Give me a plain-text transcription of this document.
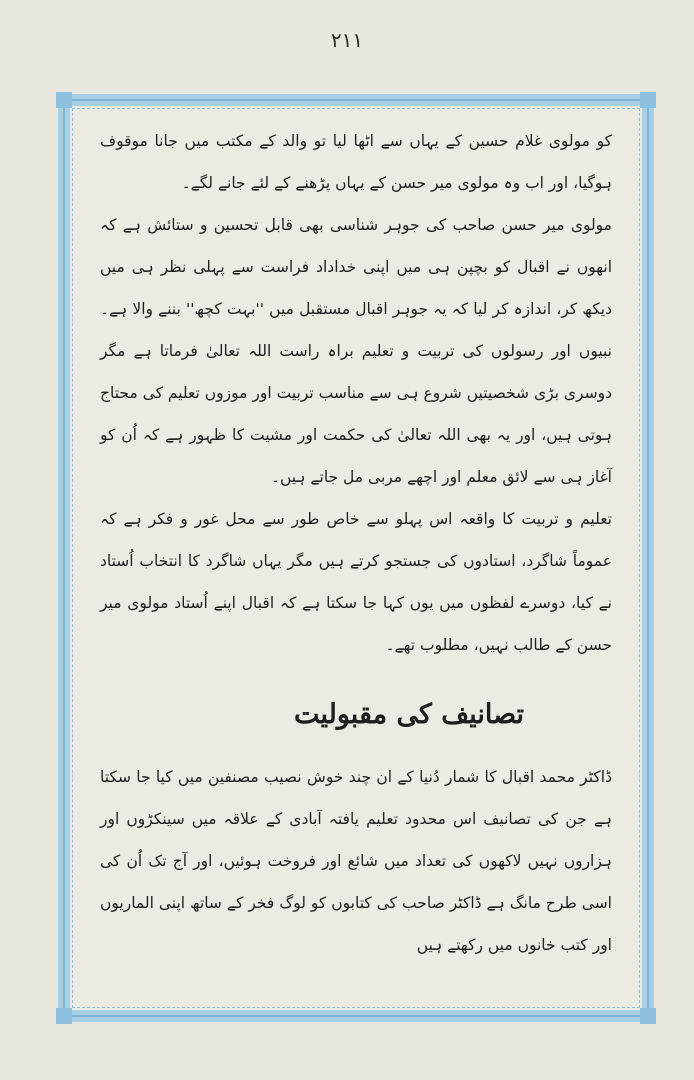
۲۱۱

کو مولوی غلام حسین کے یہاں سے اٹھا لیا تو والد کے مکتب میں جانا موقوف ہوگیا، اور اب وہ مولوی میر حسن کے یہاں پڑھنے کے لئے جانے لگے۔

مولوی میر حسن صاحب کی جوہر شناسی بھی قابل تحسین و ستائش ہے کہ انھوں نے اقبال کو بچپن ہی میں اپنی خداداد فراست سے پہلی نظر ہی میں دیکھ کر، اندازہ کر لیا کہ یہ جوہر اقبال مستقبل میں ''بہت کچھ'' بننے والا ہے۔ نبیوں اور رسولوں کی تربیت و تعلیم براہ راست اللہ تعالیٰ فرماتا ہے مگر دوسری بڑی شخصیتیں شروع ہی سے مناسب تربیت اور موزوں تعلیم کی محتاج ہوتی ہیں، اور یہ بھی اللہ تعالیٰ کی حکمت اور مشیت کا ظہور ہے کہ اُن کو آغاز ہی سے لائق معلم اور اچھے مربی مل جاتے ہیں۔

تعلیم و تربیت کا واقعہ اس پہلو سے خاص طور سے محل غور و فکر ہے کہ عموماً شاگرد، استادوں کی جستجو کرتے ہیں مگر یہاں شاگرد کا انتخاب اُستاد نے کیا، دوسرے لفظوں میں یوں کہا جا سکتا ہے کہ اقبال اپنے اُستاد مولوی میر حسن کے طالب نہیں، مطلوب تھے۔

تصانیف کی مقبولیت

ڈاکٹر محمد اقبال کا شمار دُنیا کے ان چند خوش نصیب مصنفین میں کیا جا سکتا ہے جن کی تصانیف اس محدود تعلیم یافتہ آبادی کے علاقہ میں سینکڑوں اور ہزاروں نہیں لاکھوں کی تعداد میں شائع اور فروخت ہوئیں، اور آج تک اُن کی اسی طرح مانگ ہے ڈاکٹر صاحب کی کتابوں کو لوگ فخر کے ساتھ اپنی الماریوں اور کتب خانوں میں رکھتے ہیں
